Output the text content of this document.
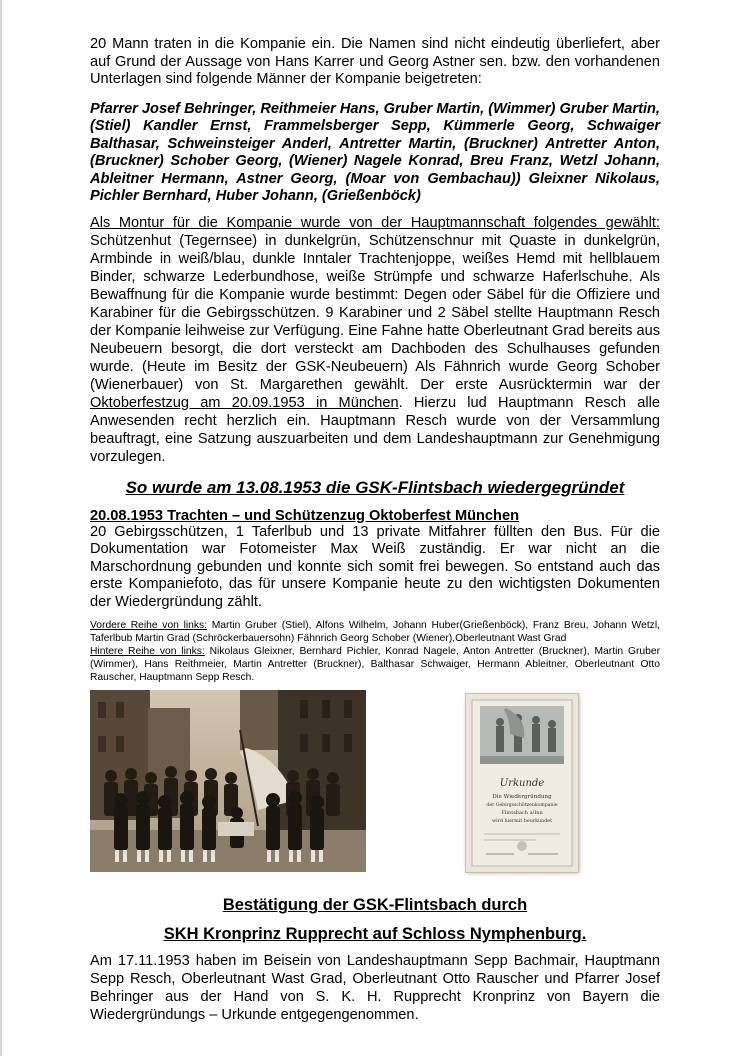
20 Mann traten in die Kompanie ein. Die Namen sind nicht eindeutig überliefert, aber auf Grund der Aussage von Hans Karrer und Georg Astner sen. bzw. den vorhandenen Unterlagen sind folgende Männer der Kompanie beigetreten:

Pfarrer Josef Behringer, Reithmeier Hans, Gruber Martin, (Wimmer) Gruber Martin, (Stiel) Kandler Ernst, Frammelsberger Sepp, Kümmerle Georg, Schwaiger Balthasar, Schweinsteiger Anderl, Antretter Martin, (Bruckner) Antretter Anton, (Bruckner) Schober Georg, (Wiener) Nagele Konrad, Breu Franz, Wetzl Johann, Ableitner Hermann, Astner Georg, (Moar von Gembachau)) Gleixner Nikolaus, Pichler Bernhard, Huber Johann, (Grießenböck)

Als Montur für die Kompanie wurde von der Hauptmannschaft folgendes gewählt: Schützenhut (Tegernsee) in dunkelgrün, Schützenschnur mit Quaste in dunkelgrün, Armbinde in weiß/blau, dunkle Inntaler Trachtenjoppe, weißes Hemd mit hellblauem Binder, schwarze Lederbundhose, weiße Strümpfe und schwarze Haferlschuhe. Als Bewaffnung für die Kompanie wurde bestimmt: Degen oder Säbel für die Offiziere und Karabiner für die Gebirgsschützen. 9 Karabiner und 2 Säbel stellte Hauptmann Resch der Kompanie leihweise zur Verfügung. Eine Fahne hatte Oberleutnant Grad bereits aus Neubeuern besorgt, die dort versteckt am Dachboden des Schulhauses gefunden wurde. (Heute im Besitz der GSK-Neubeuern) Als Fähnrich wurde Georg Schober (Wienerbauer) von St. Margarethen gewählt. Der erste Ausrücktermin war der Oktoberfestzug am 20.09.1953 in München. Hierzu lud Hauptmann Resch alle Anwesenden recht herzlich ein. Hauptmann Resch wurde von der Versammlung beauftragt, eine Satzung auszuarbeiten und dem Landeshauptmann zur Genehmigung vorzulegen.

So wurde am 13.08.1953 die GSK-Flintsbach wiedergegründet

20.08.1953 Trachten – und Schützenzug Oktoberfest München

20 Gebirgsschützen, 1 Taferlbub und 13 private Mitfahrer füllten den Bus. Für die Dokumentation war Fotomeister Max Weiß zuständig. Er war nicht an die Marschordnung gebunden und konnte sich somit frei bewegen. So entstand auch das erste Kompaniefoto, das für unsere Kompanie heute zu den wichtigsten Dokumenten der Wiedergründung zählt.

Vordere Reihe von links: Martin Gruber (Stiel), Alfons Wilhelm, Johann Huber(Grießenböck), Franz Breu, Johann Wetzl, Taferlbub Martin Grad (Schröckerbauersohn) Fähnrich Georg Schober (Wiener),Oberleutnant Wast Grad
Hintere Reihe von links: Nikolaus Gleixner, Bernhard Pichler, Konrad Nagele, Anton Antretter (Bruckner), Martin Gruber (Wimmer), Hans Reithmeier, Martin Antretter (Bruckner), Balthasar Schwaiger, Hermann Ableitner, Oberleutnant Otto Rauscher, Hauptmann Sepp Resch.

Urkunde
Die Wiedergründung
der Gebirgsschützenkompanie
Flintsbach a/Inn
wird hiermit beurkundet

Bestätigung der GSK-Flintsbach durch

SKH Kronprinz Rupprecht auf Schloss Nymphenburg.

Am 17.11.1953 haben im Beisein von Landeshauptmann Sepp Bachmair, Hauptmann Sepp Resch, Oberleutnant Wast Grad, Oberleutnant Otto Rauscher und Pfarrer Josef Behringer aus der Hand von S. K. H. Rupprecht Kronprinz von Bayern die Wiedergründungs – Urkunde entgegengenommen.
